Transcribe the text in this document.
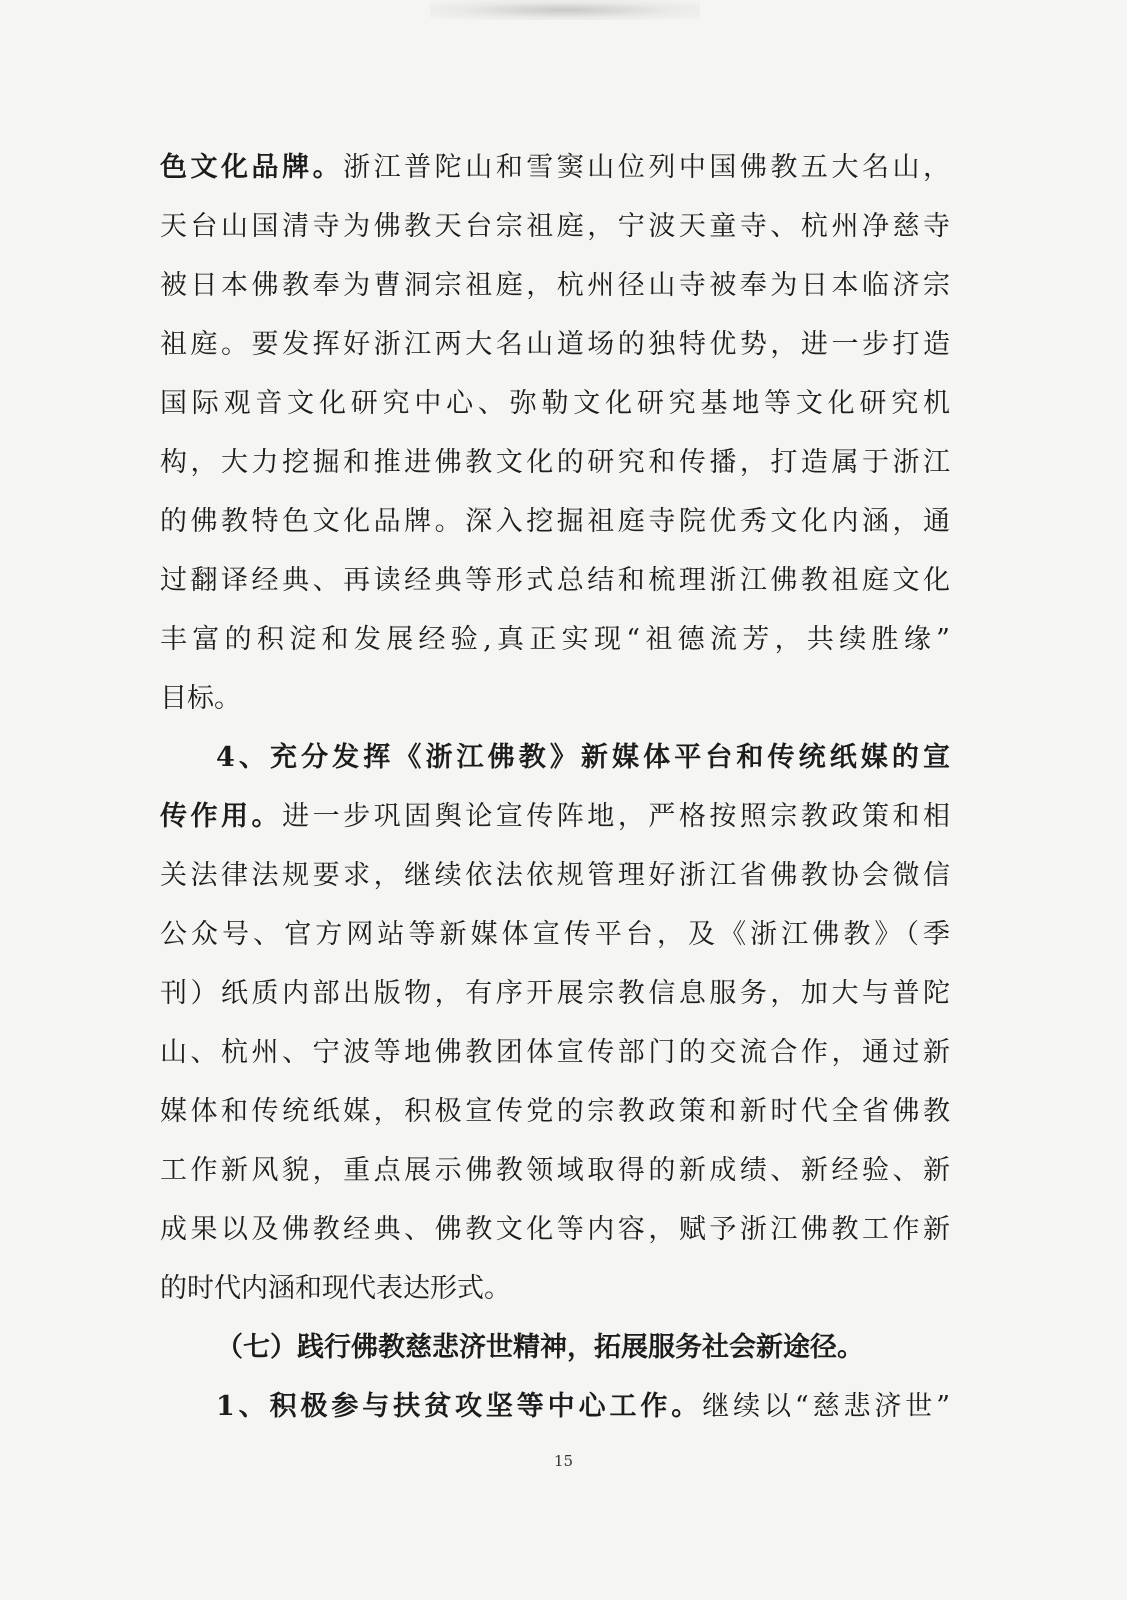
色文化品牌。浙江普陀山和雪窦山位列中国佛教五大名山，
天台山国清寺为佛教天台宗祖庭，宁波天童寺、杭州净慈寺
被日本佛教奉为曹洞宗祖庭，杭州径山寺被奉为日本临济宗
祖庭。要发挥好浙江两大名山道场的独特优势，进一步打造
国际观音文化研究中心、弥勒文化研究基地等文化研究机
构，大力挖掘和推进佛教文化的研究和传播，打造属于浙江
的佛教特色文化品牌。深入挖掘祖庭寺院优秀文化内涵，通
过翻译经典、再读经典等形式总结和梳理浙江佛教祖庭文化
丰富的积淀和发展经验,真正实现“祖德流芳，共续胜缘”
目标。
4、充分发挥《浙江佛教》新媒体平台和传统纸媒的宣
传作用。进一步巩固舆论宣传阵地，严格按照宗教政策和相
关法律法规要求，继续依法依规管理好浙江省佛教协会微信
公众号、官方网站等新媒体宣传平台，及《浙江佛教》（季
刊）纸质内部出版物，有序开展宗教信息服务，加大与普陀
山、杭州、宁波等地佛教团体宣传部门的交流合作，通过新
媒体和传统纸媒，积极宣传党的宗教政策和新时代全省佛教
工作新风貌，重点展示佛教领域取得的新成绩、新经验、新
成果以及佛教经典、佛教文化等内容，赋予浙江佛教工作新
的时代内涵和现代表达形式。
（七）践行佛教慈悲济世精神，拓展服务社会新途径。
1、积极参与扶贫攻坚等中心工作。继续以“慈悲济世”
15
